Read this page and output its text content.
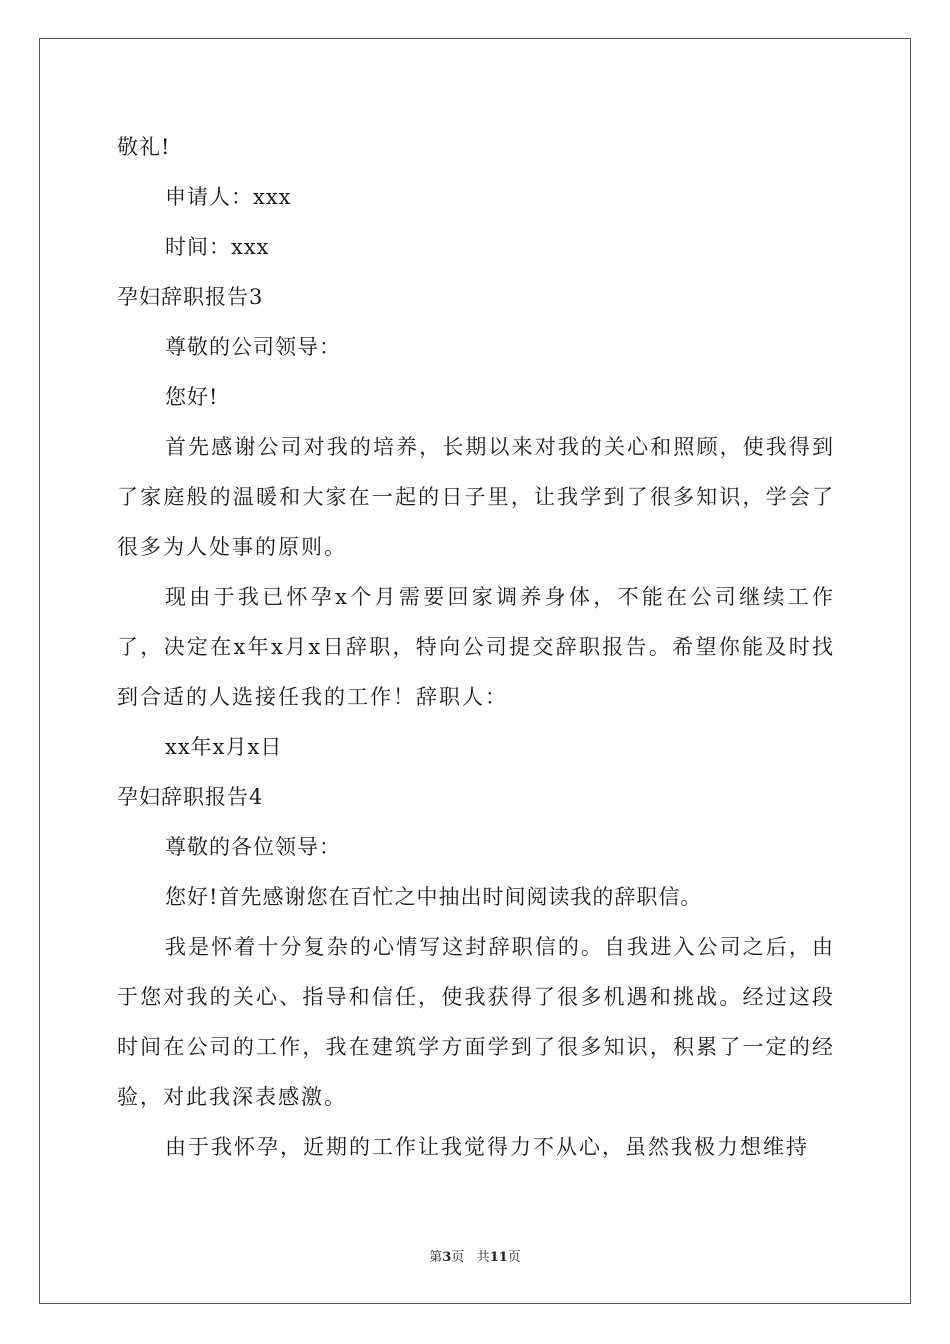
敬礼!
申请人：xxx
时间：xxx
孕妇辞职报告3
尊敬的公司领导：
您好!

首先感谢公司对我的培养，长期以来对我的关心和照顾，使我得到了家庭般的温暖和大家在一起的日子里，让我学到了很多知识，学会了很多为人处事的原则。

现由于我已怀孕x个月需要回家调养身体，不能在公司继续工作了，决定在x年x月x日辞职，特向公司提交辞职报告。希望你能及时找到合适的人选接任我的工作！辞职人：

xx年x月x日
孕妇辞职报告4
尊敬的各位领导：
您好!首先感谢您在百忙之中抽出时间阅读我的辞职信。

我是怀着十分复杂的心情写这封辞职信的。自我进入公司之后，由于您对我的关心、指导和信任，使我获得了很多机遇和挑战。经过这段时间在公司的工作，我在建筑学方面学到了很多知识，积累了一定的经验，对此我深表感激。

由于我怀孕，近期的工作让我觉得力不从心，虽然我极力想维持

第3页 共11页
